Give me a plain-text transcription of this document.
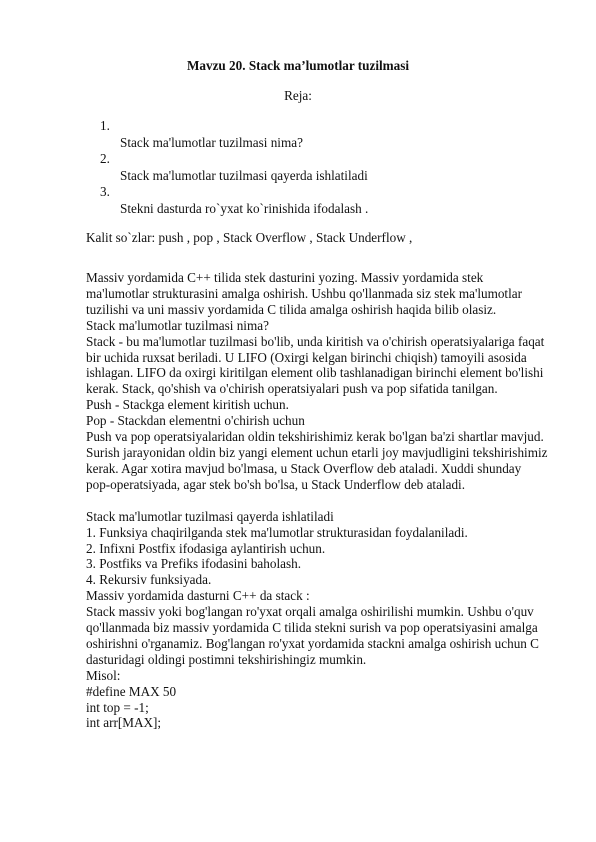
Mavzu 20. Stack ma’lumotlar tuzilmasi
Reja:
1.
Stack ma'lumotlar tuzilmasi nima?
2.
Stack ma'lumotlar tuzilmasi qayerda ishlatiladi
3.
Stekni dasturda ro`yxat ko`rinishida ifodalash .
Kalit so`zlar: push , pop , Stack Overflow , Stack Underflow ,

Massiv yordamida C++ tilida stek dasturini yozing. Massiv yordamida stek ma'lumotlar strukturasini amalga oshirish. Ushbu qo'llanmada siz stek ma'lumotlar tuzilishi va uni massiv yordamida C tilida amalga oshirish haqida bilib olasiz.

Stack ma'lumotlar tuzilmasi nima?

Stack - bu ma'lumotlar tuzilmasi bo'lib, unda kiritish va o'chirish operatsiyalariga faqat bir uchida ruxsat beriladi. U LIFO (Oxirgi kelgan birinchi chiqish) tamoyili asosida ishlagan. LIFO da oxirgi kiritilgan element olib tashlanadigan birinchi element bo'lishi kerak. Stack, qo'shish va o'chirish operatsiyalari push va pop sifatida tanilgan.

Push - Stackga element kiritish uchun.

Pop - Stackdan elementni o'chirish uchun

Push va pop operatsiyalaridan oldin tekshirishimiz kerak bo'lgan ba'zi shartlar mavjud. Surish jarayonidan oldin biz yangi element uchun etarli joy mavjudligini tekshirishimiz kerak. Agar xotira mavjud bo'lmasa, u Stack Overflow deb ataladi. Xuddi shunday pop-operatsiyada, agar stek bo'sh bo'lsa, u Stack Underflow deb ataladi.

Stack ma'lumotlar tuzilmasi qayerda ishlatiladi

1. Funksiya chaqirilganda stek ma'lumotlar strukturasidan foydalaniladi.

2. Infixni Postfix ifodasiga aylantirish uchun.

3. Postfiks va Prefiks ifodasini baholash.

4. Rekursiv funksiyada.

Massiv yordamida dasturni C++ da stack :

Stack massiv yoki bog'langan ro'yxat orqali amalga oshirilishi mumkin. Ushbu o'quv qo'llanmada biz massiv yordamida C tilida stekni surish va pop operatsiyasini amalga oshirishni o'rganamiz. Bog'langan ro'yxat yordamida stackni amalga oshirish uchun C dasturidagi oldingi postimni tekshirishingiz mumkin.

Misol:

#define MAX 50

int top = -1;

int arr[MAX];
